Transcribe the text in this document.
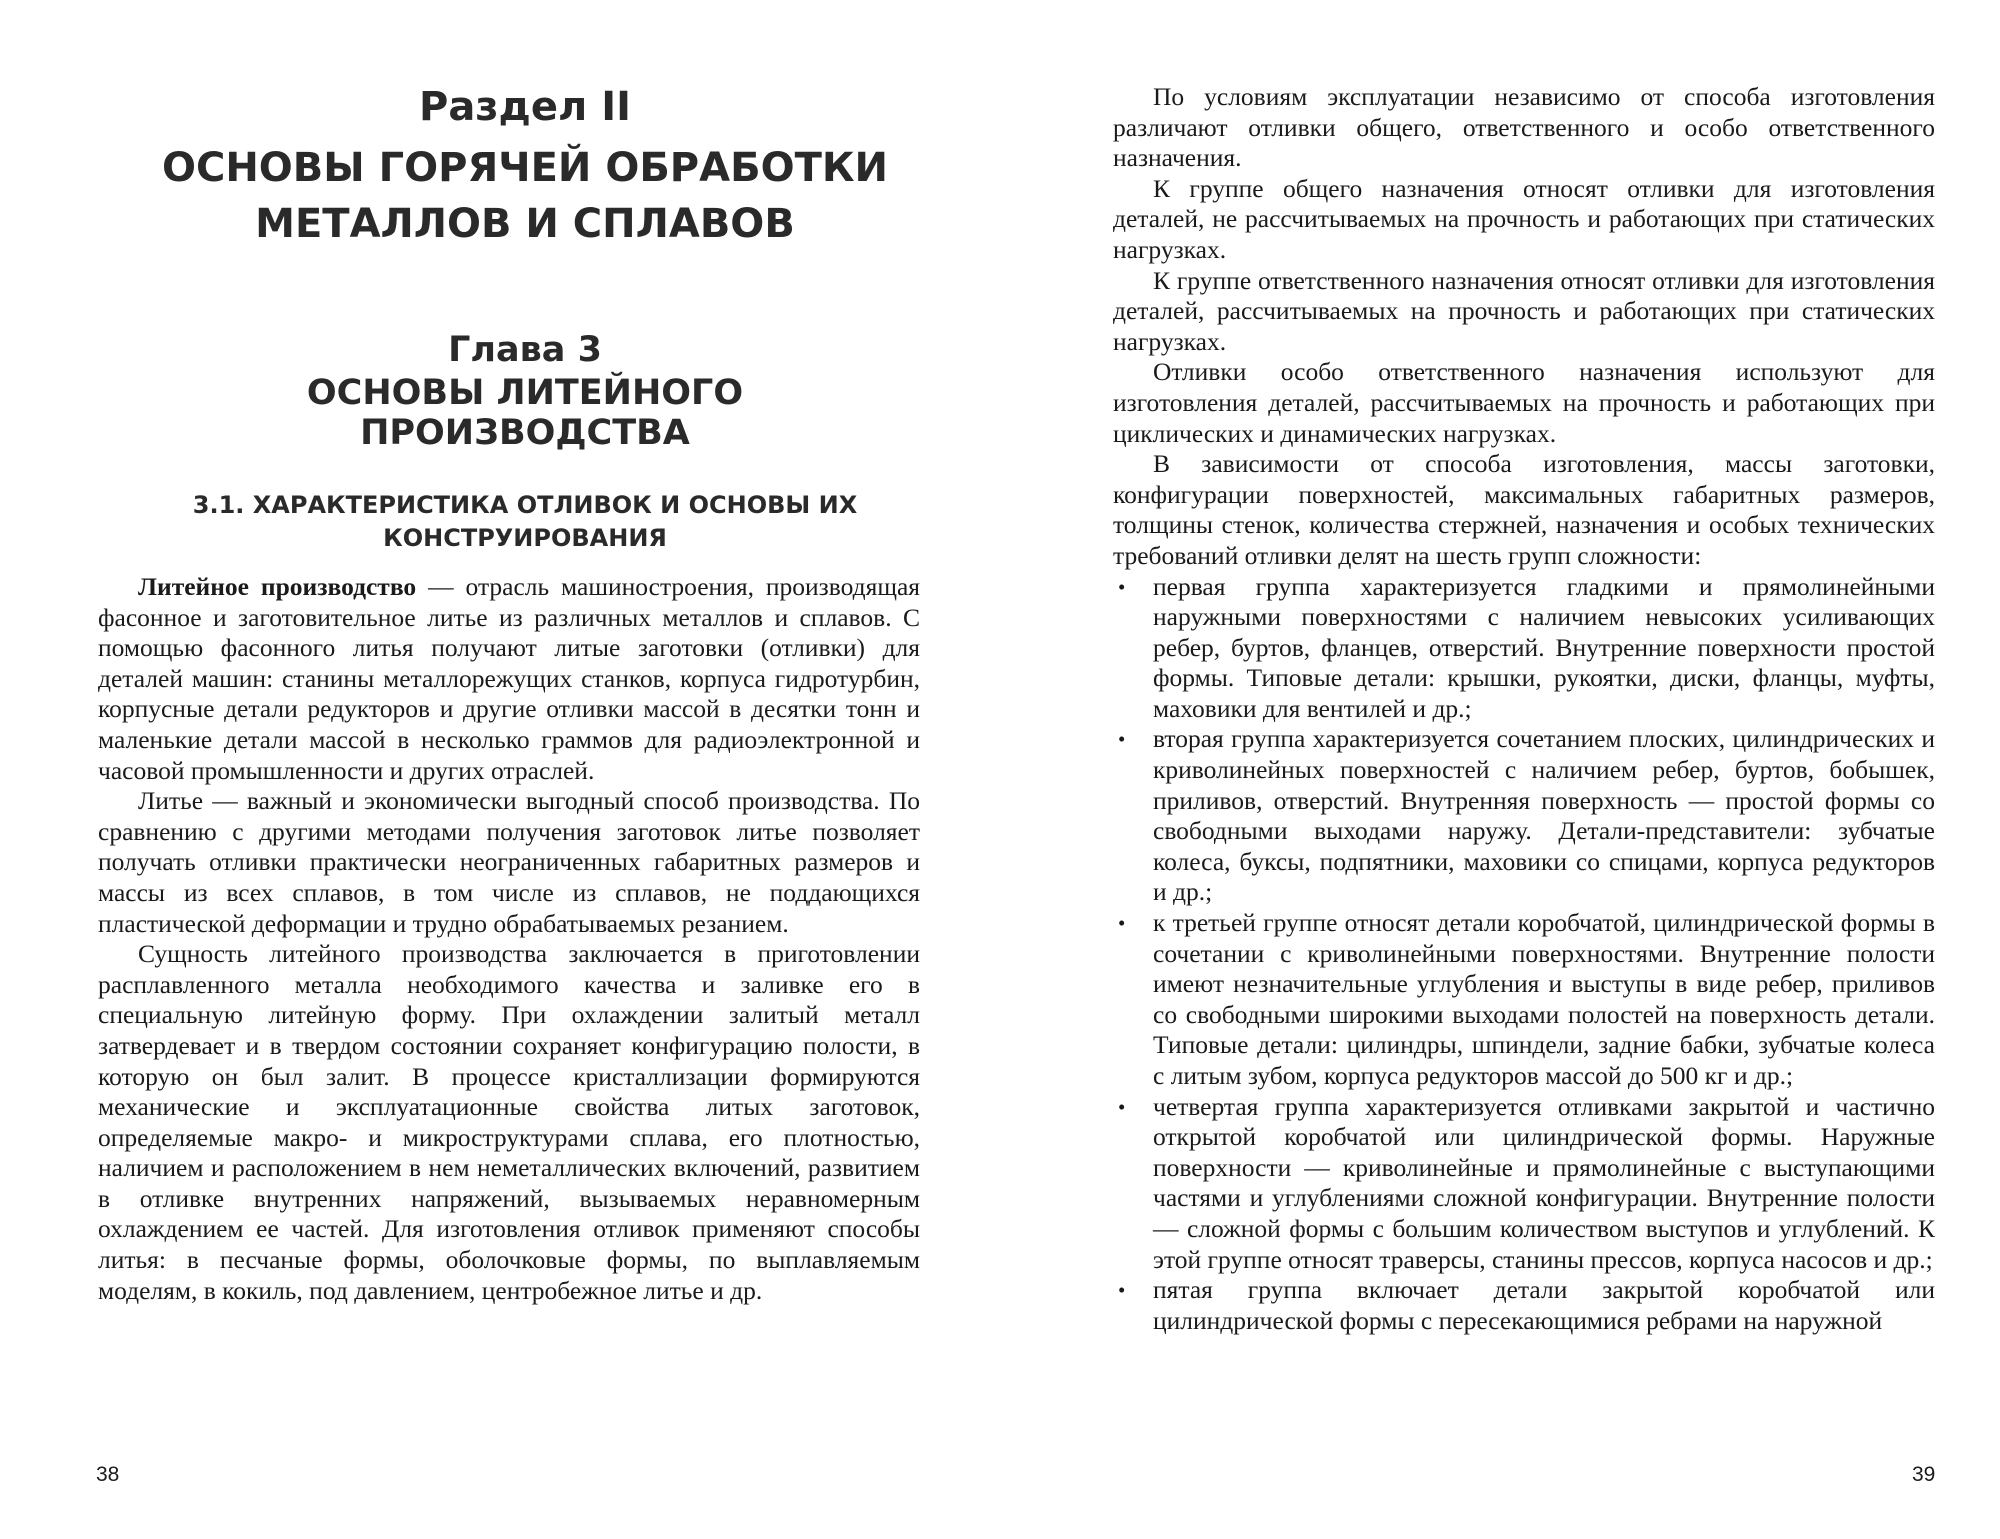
Раздел II
ОСНОВЫ ГОРЯЧЕЙ ОБРАБОТКИ МЕТАЛЛОВ И СПЛАВОВ
Глава 3
ОСНОВЫ ЛИТЕЙНОГО ПРОИЗВОДСТВА
3.1. ХАРАКТЕРИСТИКА ОТЛИВОК И ОСНОВЫ ИХ КОНСТРУИРОВАНИЯ

Литейное производство — отрасль машиностроения, производящая фасонное и заготовительное литье из различных металлов и сплавов. С помощью фасонного литья получают литые заготовки (отливки) для деталей машин: станины металлорежущих станков, корпуса гидротурбин, корпусные детали редукторов и другие отливки массой в десятки тонн и маленькие детали массой в несколько граммов для радиоэлектронной и часовой промышленности и других отраслей.

Литье — важный и экономически выгодный способ производства. По сравнению с другими методами получения заготовок литье позволяет получать отливки практически неограниченных габаритных размеров и массы из всех сплавов, в том числе из сплавов, не поддающихся пластической деформации и трудно обрабатываемых резанием.

Сущность литейного производства заключается в приготовлении расплавленного металла необходимого качества и заливке его в специальную литейную форму. При охлаждении залитый металл затвердевает и в твердом состоянии сохраняет конфигурацию полости, в которую он был залит. В процессе кристаллизации формируются механические и эксплуатационные свойства литых заготовок, определяемые макро- и микроструктурами сплава, его плотностью, наличием и расположением в нем неметаллических включений, развитием в отливке внутренних напряжений, вызываемых неравномерным охлаждением ее частей. Для изготовления отливок применяют способы литья: в песчаные формы, оболочковые формы, по выплавляемым моделям, в кокиль, под давлением, центробежное литье и др.

38

По условиям эксплуатации независимо от способа изготовления различают отливки общего, ответственного и особо ответственного назначения.

К группе общего назначения относят отливки для изготовления деталей, не рассчитываемых на прочность и работающих при статических нагрузках.

К группе ответственного назначения относят отливки для изготовления деталей, рассчитываемых на прочность и работающих при статических нагрузках.

Отливки особо ответственного назначения используют для изготовления деталей, рассчитываемых на прочность и работающих при циклических и динамических нагрузках.

В зависимости от способа изготовления, массы заготовки, конфигурации поверхностей, максимальных габаритных размеров, толщины стенок, количества стержней, назначения и особых технических требований отливки делят на шесть групп сложности:

• первая группа характеризуется гладкими и прямолинейными наружными поверхностями с наличием невысоких усиливающих ребер, буртов, фланцев, отверстий. Внутренние поверхности простой формы. Типовые детали: крышки, рукоятки, диски, фланцы, муфты, маховики для вентилей и др.;
• вторая группа характеризуется сочетанием плоских, цилиндрических и криволинейных поверхностей с наличием ребер, буртов, бобышек, приливов, отверстий. Внутренняя поверхность — простой формы со свободными выходами наружу. Детали-представители: зубчатые колеса, буксы, подпятники, маховики со спицами, корпуса редукторов и др.;
• к третьей группе относят детали коробчатой, цилиндрической формы в сочетании с криволинейными поверхностями. Внутренние полости имеют незначительные углубления и выступы в виде ребер, приливов со свободными широкими выходами полостей на поверхность детали. Типовые детали: цилиндры, шпиндели, задние бабки, зубчатые колеса с литым зубом, корпуса редукторов массой до 500 кг и др.;
• четвертая группа характеризуется отливками закрытой и частично открытой коробчатой или цилиндрической формы. Наружные поверхности — криволинейные и прямолинейные с выступающими частями и углублениями сложной конфигурации. Внутренние полости — сложной формы с большим количеством выступов и углублений. К этой группе относят траверсы, станины прессов, корпуса насосов и др.;
• пятая группа включает детали закрытой коробчатой или цилиндрической формы с пересекающимися ребрами на наружной
39
